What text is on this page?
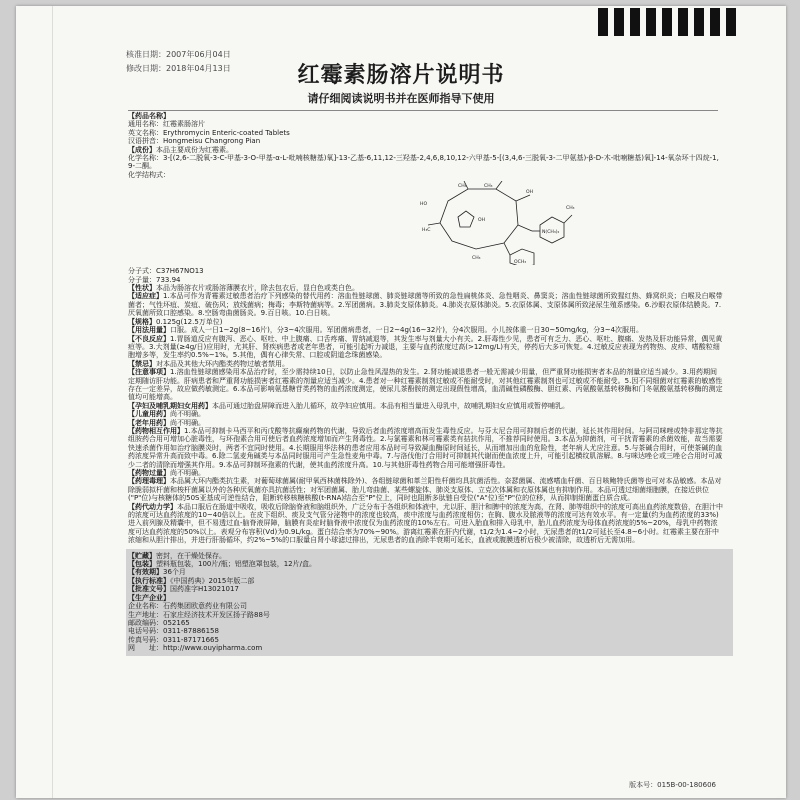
核准日期：2007年06月04日
修改日期：2018年04月13日	红霉素肠溶片说明书
请仔细阅读说明书并在医师指导下使用

【药品名称】

通用名称：红霉素肠溶片

英文名称：Erythromycin Enteric-coated Tablets

汉语拼音：Hongmeisu Changrong Pian

【成份】本品主要成份为红霉素。

化学名称：3-[(2,6-二脱氧-3-C-甲基-3-O-甲基-α-L-吡喃核糖基)氧]-13-乙基-6,11,12-三羟基-2,4,6,8,10,12-六甲基-5-[(3,4,6-三脱氧-3-二甲氨基)-β-D-木-吡喃糖基)氧]-14-氧杂环十四烷-1,9-二酮。

化学结构式：

CH₃	CH₃
HO
H₃C
OH
OH
N(CH₃)₂
CH₃
OCH₃
CH₃

分子式：C37H67NO13

分子量：733.94

【性状】本品为肠溶衣片或肠溶薄膜衣片，除去包衣后，显白色或类白色。

【适应症】1.本品可作为青霉素过敏患者治疗下列感染的替代用药：溶血性链球菌、肺炎链球菌等所致的急性扁桃体炎、急性咽炎、鼻窦炎；溶血性链球菌所致猩红热、蜂窝织炎；白喉及白喉带菌者；气性坏疽、炭疽、破伤风；放线菌病；梅毒；李斯特菌病等。2.军团菌病。3.肺炎支原体肺炎。4.肺炎衣原体肺炎。5.衣原体属、支原体属所致泌尿生殖系感染。6.沙眼衣原体结膜炎。7.厌氧菌所致口腔感染。8.空肠弯曲菌肠炎。9.百日咳。10.白日咳。

【规格】0.125g(12.5万单位)

【用法用量】口服。成人一日1~2g(8~16片)，分3~4次服用。军团菌病患者，一日2~4g(16~32片)，分4次服用。小儿按体重一日30~50mg/kg，分3~4次服用。

【不良反应】1.胃肠道反应有腹泻、恶心、呕吐、中上腹痛、口舌疼痛、胃纳减退等，其发生率与剂量大小有关。2.肝毒性少见，患者可有乏力、恶心、呕吐、腹痛、发热及肝功能异常，偶见黄疸等。3.大剂量(≥4g/日)应用时，尤其肝、肾疾病患者或老年患者，可能引起听力减退，主要与血药浓度过高(>12mg/L)有关，停药后大多可恢复。4.过敏反应表现为药物热、皮疹、嗜酸粒细胞增多等，发生率约0.5%~1%。5.其他，偶有心律失常、口腔或阴道念珠菌感染。

【禁忌】对本品及其他大环内酯类药物过敏者禁用。

【注意事项】1.溶血性链球菌感染用本品治疗时，至少需持续10日，以防止急性风湿热的发生。2.肾功能减退患者一般无需减少用量，但严重肾功能损害者本品的剂量应适当减少。3.用药期间定期随访肝功能。肝病患者和严重肾功能损害者红霉素的剂量应适当减少。4.患者对一种红霉素制剂过敏或不能耐受时，对其他红霉素制剂也可过敏或不能耐受。5.因不同细菌对红霉素的敏感性存在一定差异，故应做药敏测定。6.本品可影响氨基糖苷类药物的血药浓度测定，使尿儿茶酚胺的测定出现假性增高，血清碱性磷酸酶、胆红素、丙氨酸氨基转移酶和门冬氨酸氨基转移酶的测定值均可能增高。

【孕妇及哺乳期妇女用药】本品可通过胎盘屏障而进入胎儿循环，故孕妇应慎用。本品有相当量进入母乳中，故哺乳期妇女应慎用或暂停哺乳。

【儿童用药】尚不明确。

【老年用药】尚不明确。

【药物相互作用】1.本品可抑制卡马西平和丙戊酸等抗癫痫药物的代谢，导致后者血药浓度增高而发生毒性反应。与芬太尼合用可抑制后者的代谢，延长其作用时间。与阿司咪唑或特非那定等抗组胺药合用可增加心脏毒性，与环孢素合用可使后者血药浓度增加而产生肾毒性。2.与氯霉素和林可霉素类有拮抗作用，不推荐同时使用。3.本品为抑菌剂，可干扰青霉素的杀菌效能，故当需要快速杀菌作用如治疗脑膜炎时，两者不宜同时使用。4.长期服用华法林的患者应用本品时可导致凝血酶原时间延长，从而增加出血的危险性，老年病人尤应注意。5.与茶碱合用时，可使茶碱的血药浓度异常升高而致中毒。6.除二氢麦角碱类与本品同时服用可产生急性麦角中毒。7.与洛伐他汀合用时可抑制其代谢而使血浓度上升，可能引起横纹肌溶解。8.与咪达唑仑或三唑仑合用时可减少二者的清除而增强其作用。9.本品可抑制环孢素的代谢，使其血药浓度升高。10.与其他肝毒性药物合用可能增强肝毒性。

【药物过量】尚不明确。

【药理毒理】本品属大环内酯类抗生素，对葡萄球菌属(耐甲氧西林菌株除外)、各组链球菌和革兰阳性杆菌均具抗菌活性。奈瑟菌属、流感嗜血杆菌、百日咳鲍特氏菌等也可对本品敏感。本品对除脆弱拟杆菌和梭杆菌属以外的各种厌氧菌亦具抗菌活性；对军团菌属、胎儿弯曲菌、某些螺旋体、肺炎支原体、立克次体属和衣原体属也有抑制作用。本品可透过细菌细胞膜，在接近供位("P"位)与核糖体的50S亚基成可逆性结合，阻断转移核糖核酸(t-RNA)结合至"P"位上，同时也阻断多肽链自受位("A"位)至"P"位的位移，从而抑制细菌蛋白质合成。

【药代动力学】本品口服后在肠道中吸收，吸收后除脑脊液和脑组织外，广泛分布于各组织和体液中，尤以肝、胆汁和脾中的浓度为高，在肾、肺等组织中的浓度可高出血药浓度数倍，在胆汁中的浓度可达血药浓度的10~40倍以上。在皮下组织、痰及支气管分泌物中的浓度也较高，痰中浓度与血药浓度相仿；在胸、腹水及脓液等的浓度可达有效水平。有一定量(约为血药浓度的33%)进入前列腺及精囊中，但不易透过血-脑脊液屏障，脑膜有炎症时脑脊液中浓度仅为血药浓度的10%左右。可进入胎血和排入母乳中，胎儿血药浓度为母体血药浓度的5%~20%，母乳中药物浓度可达血药浓度的50%以上。表观分布容积(Vd)为0.9L/kg。蛋白结合率为70%~90%。游离红霉素在肝内代谢，t1/2为1.4~2小时，无尿患者的t1/2可延长至4.8~6小时。红霉素主要在肝中浓缩和从胆汁排出，并进行肝肠循环，约2%~5%的口服量自肾小球滤过排出，无尿患者的血消除半衰期可延长，血液或腹膜透析后极少被清除，故透析后无需加用。

【贮藏】密封，在干燥处保存。

【包装】塑料瓶包装，100片/瓶；铝塑泡罩包装，12片/盒。

【有效期】36个月

【执行标准】《中国药典》2015年版二部

【批准文号】国药准字H13021017

【生产企业】

企业名称：石药集团欧意药业有限公司

生产地址：石家庄经济技术开发区扬子路88号

邮政编码：052165

电话号码：0311-87886158

传真号码：0311-87171665

网　　址：http://www.ouyipharma.com

版本号：015B-00-180606
